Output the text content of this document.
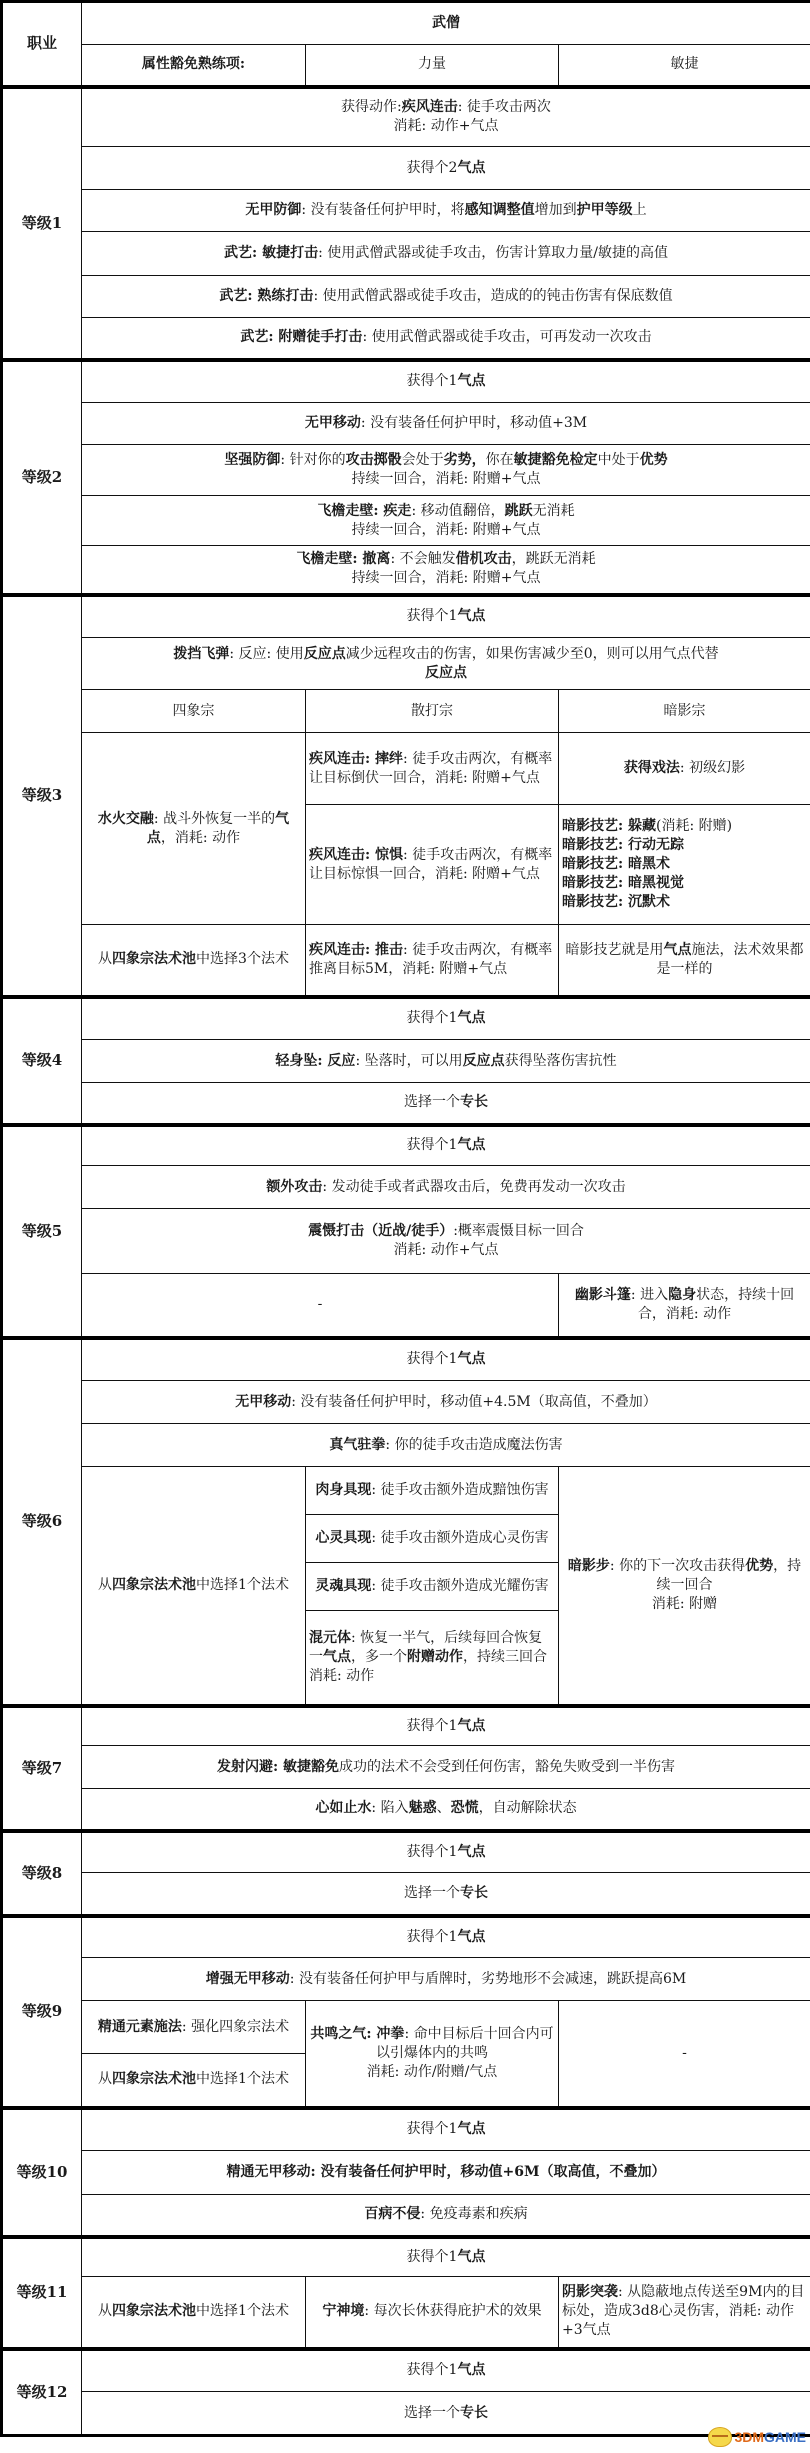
职业	武僧		
	属性豁免熟练项:	力量	敏捷
等级1	获得动作:疾风连击: 徒手攻击两次
消耗: 动作+气点		
	获得个2气点		
	无甲防御: 没有装备任何护甲时，将感知调整值增加到护甲等级上		
	武艺: 敏捷打击: 使用武僧武器或徒手攻击，伤害计算取力量/敏捷的高值		
	武艺: 熟练打击: 使用武僧武器或徒手攻击，造成的的钝击伤害有保底数值		
	武艺: 附赠徒手打击: 使用武僧武器或徒手攻击，可再发动一次攻击		
等级2	获得个1气点		
	无甲移动: 没有装备任何护甲时，移动值+3M		
	坚强防御: 针对你的攻击掷骰会处于劣势，你在敏捷豁免检定中处于优势
持续一回合，消耗: 附赠+气点		
	飞檐走壁: 疾走: 移动值翻倍，跳跃无消耗
持续一回合，消耗: 附赠+气点		
	飞檐走壁: 撤离: 不会触发借机攻击，跳跃无消耗
持续一回合，消耗: 附赠+气点		
等级3	获得个1气点		
	拨挡飞弹: 反应: 使用反应点减少远程攻击的伤害，如果伤害减少至0，则可以用气点代替
反应点		
	四象宗	散打宗	暗影宗
	水火交融: 战斗外恢复一半的气点，消耗: 动作	疾风连击: 摔绊: 徒手攻击两次，有概率让目标倒伏一回合，消耗: 附赠+气点	获得戏法: 初级幻影
		疾风连击: 惊惧: 徒手攻击两次，有概率让目标惊惧一回合，消耗: 附赠+气点	暗影技艺: 躲藏(消耗: 附赠)
暗影技艺: 行动无踪
暗影技艺: 暗黑术
暗影技艺: 暗黑视觉
暗影技艺: 沉默术

	从四象宗法术池中选择3个法术	疾风连击: 推击: 徒手攻击两次，有概率推离目标5M，消耗: 附赠+气点	暗影技艺就是用气点施法，法术效果都是一样的
等级4	获得个1气点		
	轻身坠: 反应: 坠落时，可以用反应点获得坠落伤害抗性		
	选择一个专长		
等级5	获得个1气点		
	额外攻击: 发动徒手或者武器攻击后，免费再发动一次攻击		
	震慑打击（近战/徒手）:概率震慑目标一回合
消耗: 动作+气点		
	-		幽影斗篷: 进入隐身状态，持续十回合，消耗: 动作
等级6	获得个1气点		
	无甲移动: 没有装备任何护甲时，移动值+4.5M（取高值，不叠加）		
	真气驻拳: 你的徒手攻击造成魔法伤害		
	从四象宗法术池中选择1个法术	肉身具现: 徒手攻击额外造成黯蚀伤害	暗影步: 你的下一次攻击获得优势，持续一回合
消耗: 附赠
		心灵具现: 徒手攻击额外造成心灵伤害	
		灵魂具现: 徒手攻击额外造成光耀伤害	
		混元体: 恢复一半气，后续每回合恢复一气点，多一个附赠动作，持续三回合
消耗: 动作	
等级7	获得个1气点		
	发射闪避: 敏捷豁免成功的法术不会受到任何伤害，豁免失败受到一半伤害		
	心如止水: 陷入魅惑、恐慌，自动解除状态		
等级8	获得个1气点		
	选择一个专长		
等级9	获得个1气点		
	增强无甲移动: 没有装备任何护甲与盾牌时，劣势地形不会减速，跳跃提高6M		
	精通元素施法: 强化四象宗法术	共鸣之气: 冲拳: 命中目标后十回合内可以引爆体内的共鸣
消耗: 动作/附赠/气点	-
	从四象宗法术池中选择1个法术		
等级10	获得个1气点		
	精通无甲移动: 没有装备任何护甲时，移动值+6M（取高值，不叠加）		
	百病不侵: 免疫毒素和疾病		
等级11	获得个1气点		
	从四象宗法术池中选择1个法术	宁神境: 每次长休获得庇护术的效果	阴影突袭: 从隐蔽地点传送至9M内的目标处，造成3d8心灵伤害，消耗: 动作+3气点
等级12	获得个1气点		
	选择一个专长		
3DMGAME
